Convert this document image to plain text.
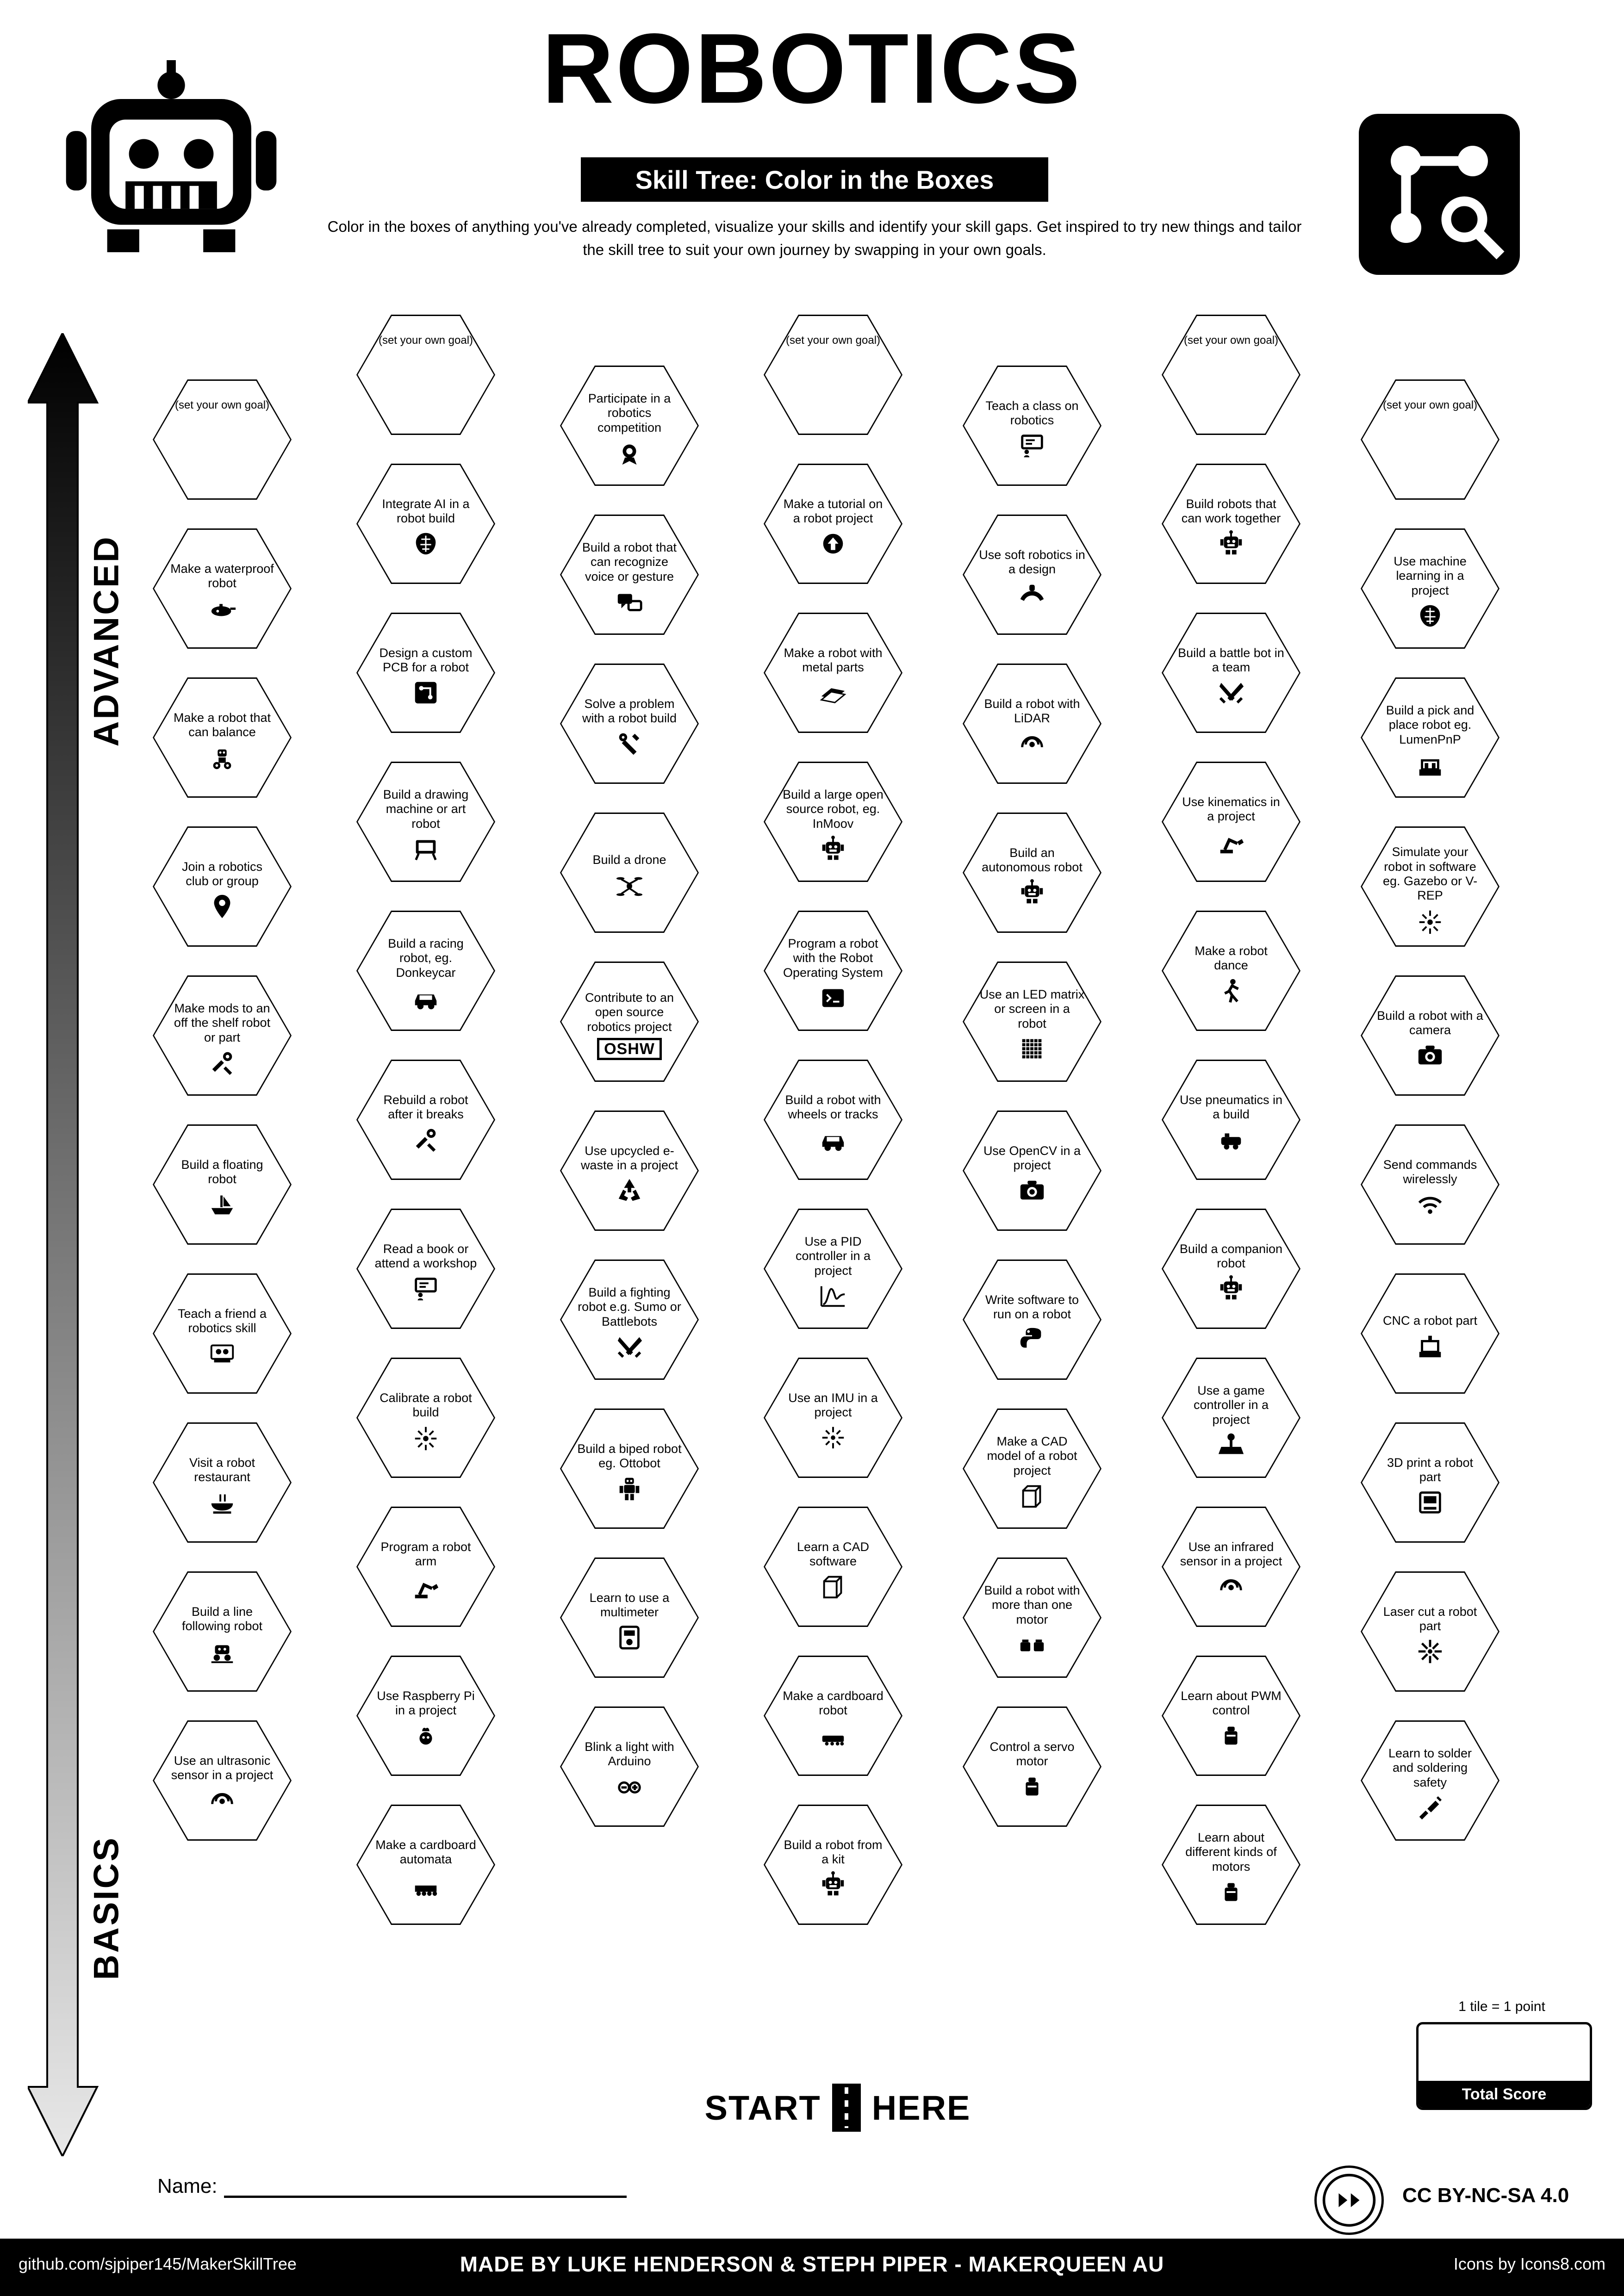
ROBOTICS
Skill Tree: Color in the Boxes
Color in the boxes of anything you've already completed, visualize your skills and identify your skill gaps. Get inspired to try new things and tailor the skill tree to suit your own journey by swapping in your own goals.
ADVANCED
BASICS
(set your own goal)
Make a waterproof robot
Make a robot that can balance
Join a robotics club or group
Make mods to an off the shelf robot or part
Build a floating robot
Teach a friend a robotics skill
Visit a robot restaurant
Build a line following robot
Use an ultrasonic sensor in a project
(set your own goal)
Integrate AI in a robot build
Design a custom PCB for a robot
Build a drawing machine or art robot
Build a racing robot, eg. Donkeycar
Rebuild a robot after it breaks
Read a book or attend a workshop
Calibrate a robot build
Program a robot arm
Use Raspberry Pi in a project
Make a cardboard automata
Participate in a robotics competition
Build a robot that can recognize voice or gesture
Solve a problem with a robot build
Build a drone
Contribute to an open source robotics project
OSHW
Use upcycled e-waste in a project
Build a fighting robot e.g. Sumo or Battlebots
Build a biped robot eg. Ottobot
Learn to use a multimeter
Blink a light with Arduino
(set your own goal)
Make a tutorial on a robot project
Make a robot with metal parts
Build a large open source robot, eg. InMoov
Program a robot with the Robot Operating System
Build a robot with wheels or tracks
Use a PID controller in a project
Use an IMU in a project
Learn a CAD software
Make a cardboard robot
Build a robot from a kit
Teach a class on robotics
Use soft robotics in a design
Build a robot with LiDAR
Build an autonomous robot
Use an LED matrix or screen in a robot
Use OpenCV in a project
Write software to run on a robot
Make a CAD model of a robot project
Build a robot with more than one motor
Control a servo motor
(set your own goal)
Build robots that can work together
Build a battle bot in a team
Use kinematics in a project
Make a robot dance
Use pneumatics in a build
Build a companion robot
Use a game controller in a project
Use an infrared sensor in a project
Learn about PWM control
Learn about different kinds of motors
(set your own goal)
Use machine learning in a project
Build a pick and place robot eg. LumenPnP
Simulate your robot in software eg. Gazebo or V-REP
Build a robot with a camera
Send commands wirelessly
CNC a robot part
3D print a robot part
Laser cut a robot part
Learn to solder and soldering safety
START HERE
1 tile = 1 point
Total Score
Name:	CC BY-NC-SA 4.0
github.com/sjpiper145/MakerSkillTree	MADE BY LUKE HENDERSON & STEPH PIPER - MAKERQUEEN AU	Icons by Icons8.com
